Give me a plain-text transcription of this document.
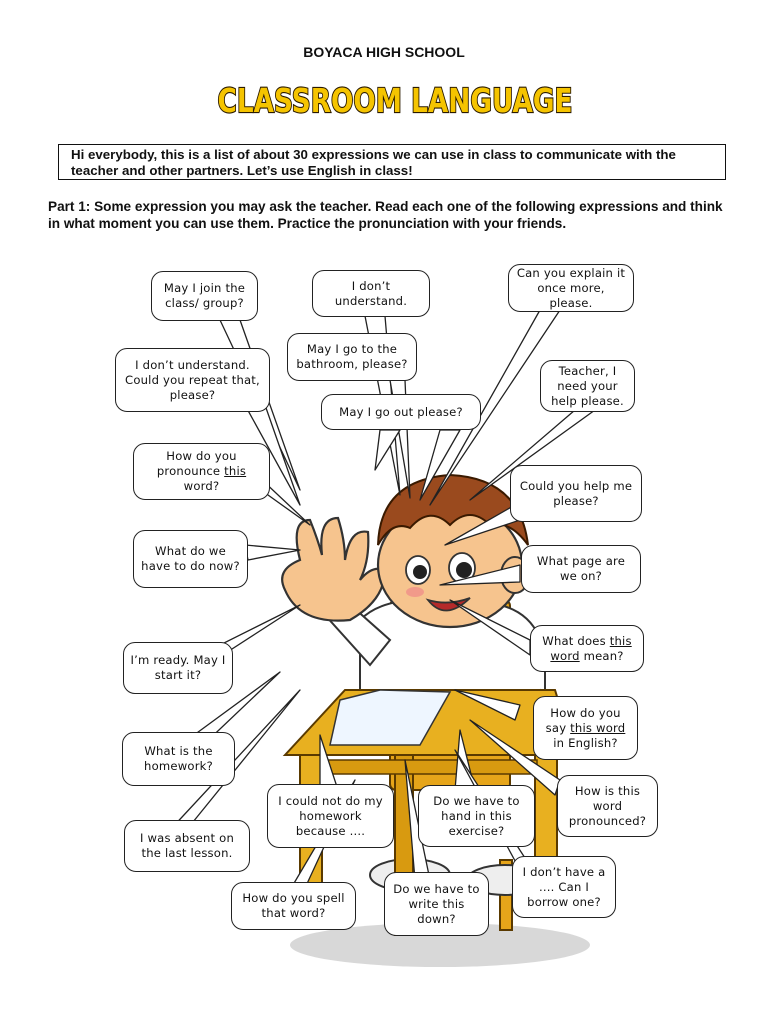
BOYACA HIGH SCHOOL
CLASSROOM LANGUAGE
Hi everybody, this is a list of about 30 expressions we can use in class to communicate with the teacher and other partners. Let’s use English in class!
Part 1: Some expression you may ask the teacher. Read each one of the following expressions and think in what moment you can use them. Practice the pronunciation with your friends.
May I join the class/ group?
I don’t understand.
Can you explain it once more, please.
I don’t understand. Could you repeat that, please?
May I go to the bathroom, please?
May I go out please?
Teacher, I need your help please.
How do you pronounce this word?	Could you help me please?
What do we have to do now?	What page are we on?
I’m ready. May I start it?
What does this
word mean?
How do you say this word in English?
What is the homework?
I could not do my homework because ....
Do we have to hand in this exercise?
How is this word pronounced?
I was absent on the last lesson.
I don’t have a .... Can I borrow one?
How do you spell that word?
Do we have to write this down?
